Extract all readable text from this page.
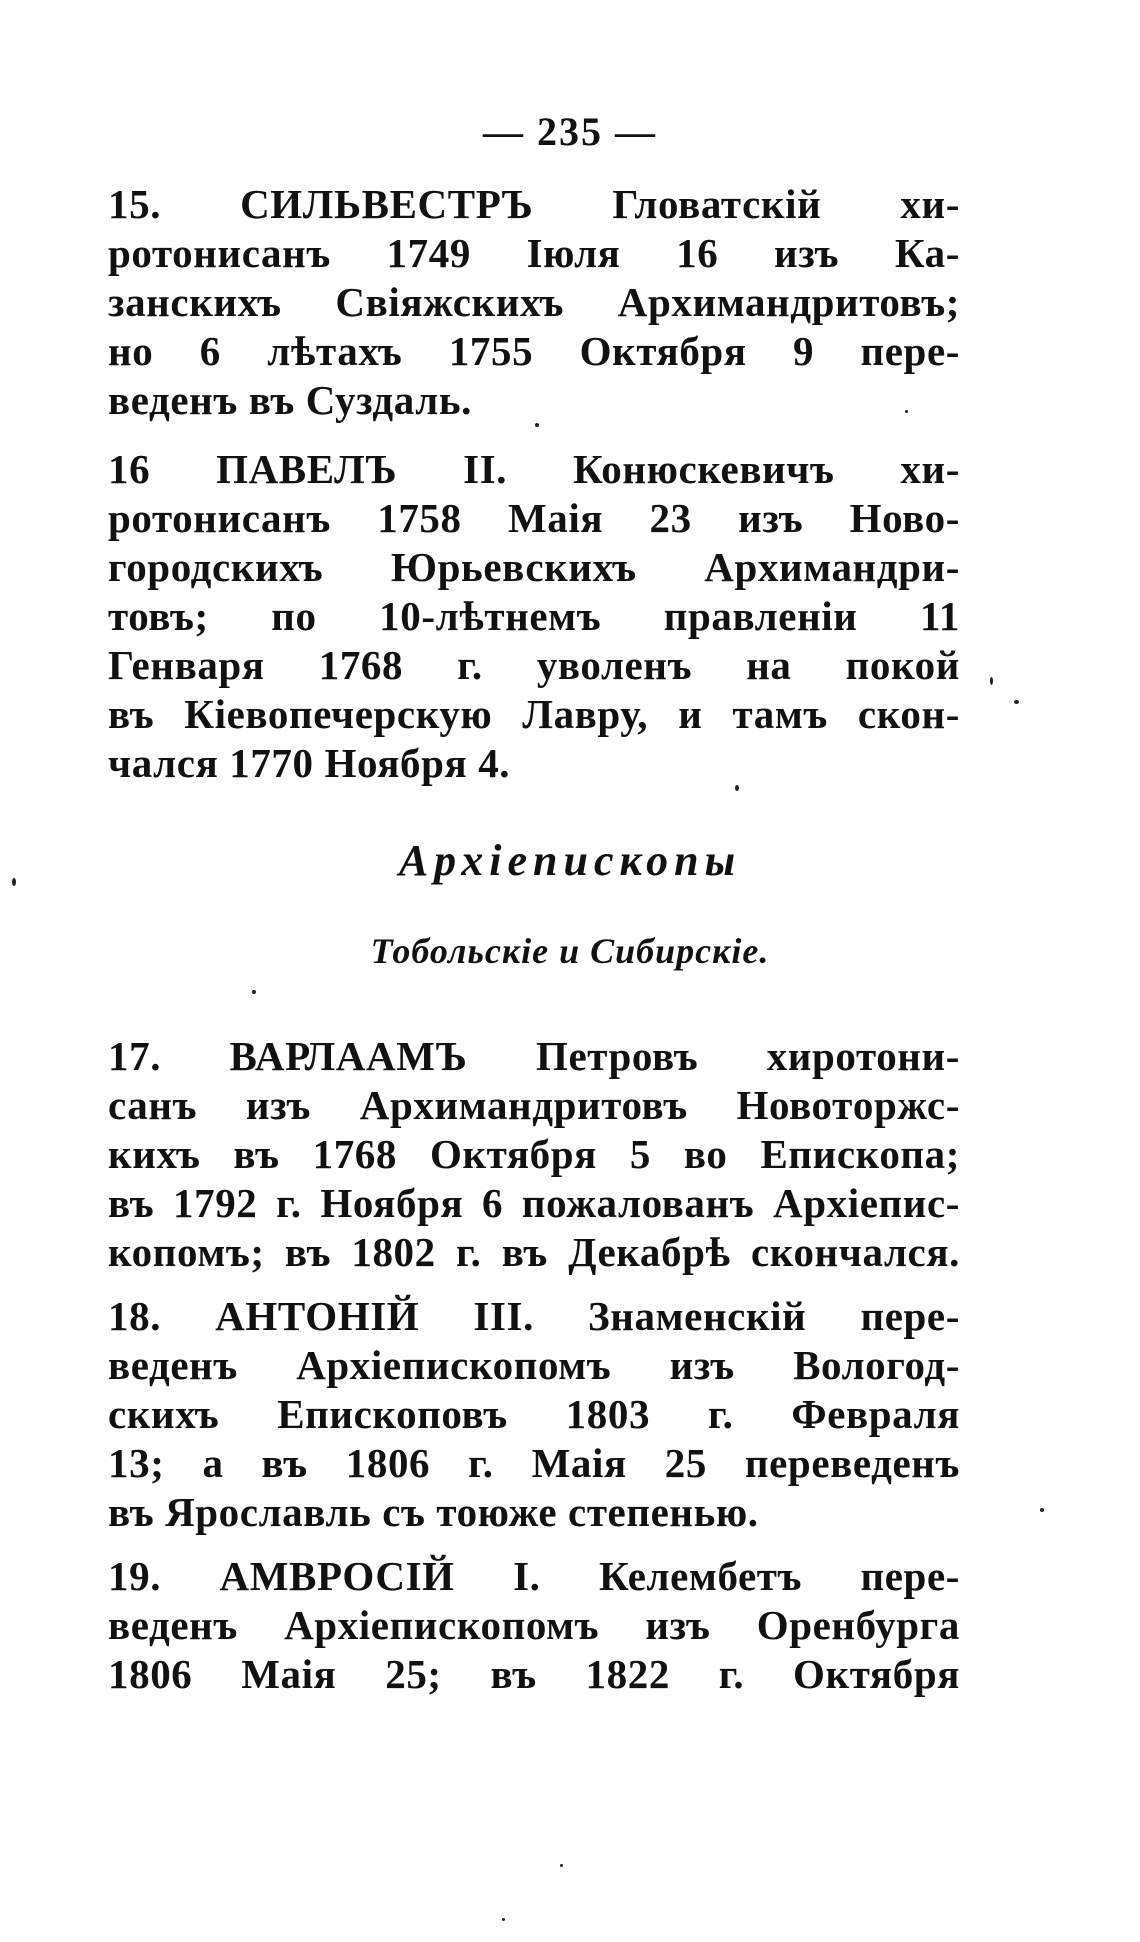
— 235 —
15. СИЛЬВЕСТРЪ Гловатскій хи-
ротонисанъ 1749 Іюля 16 изъ Ка-
занскихъ Свіяжскихъ Архимандритовъ;
но 6 лѣтахъ 1755 Октября 9 пере-
веденъ въ Суздаль.
16 ПАВЕЛЪ II. Конюскевичъ хи-
ротонисанъ 1758 Маія 23 изъ Ново-
городскихъ Юрьевскихъ Архимандри-
товъ; по 10-лѣтнемъ правленіи 11
Генваря 1768 г. уволенъ на покой
въ Кіевопечерскую Лавру, и тамъ скон-
чался 1770 Ноября 4.
Архіепископы
Тобольскіе и Сибирскіе.
17. ВАРЛААМЪ Петровъ хиротони-
санъ изъ Архимандритовъ Новотoржс-
кихъ въ 1768 Октября 5 во Епископа;
въ 1792 г. Ноября 6 пожалованъ Архіепис-
копомъ; въ 1802 г. въ Декабрѣ скончался.
18. АНТОНІЙ III. Знаменскій пере-
веденъ Архіепископомъ изъ Вологод-
скихъ Епископовъ 1803 г. Февраля
13; а въ 1806 г. Маія 25 переведенъ
въ Ярославль съ тоюже степенью.
19. АМВРОСІЙ I. Келембетъ пере-
веденъ Архіепископомъ изъ Оренбурга
1806 Маія 25; въ 1822 г. Октября
